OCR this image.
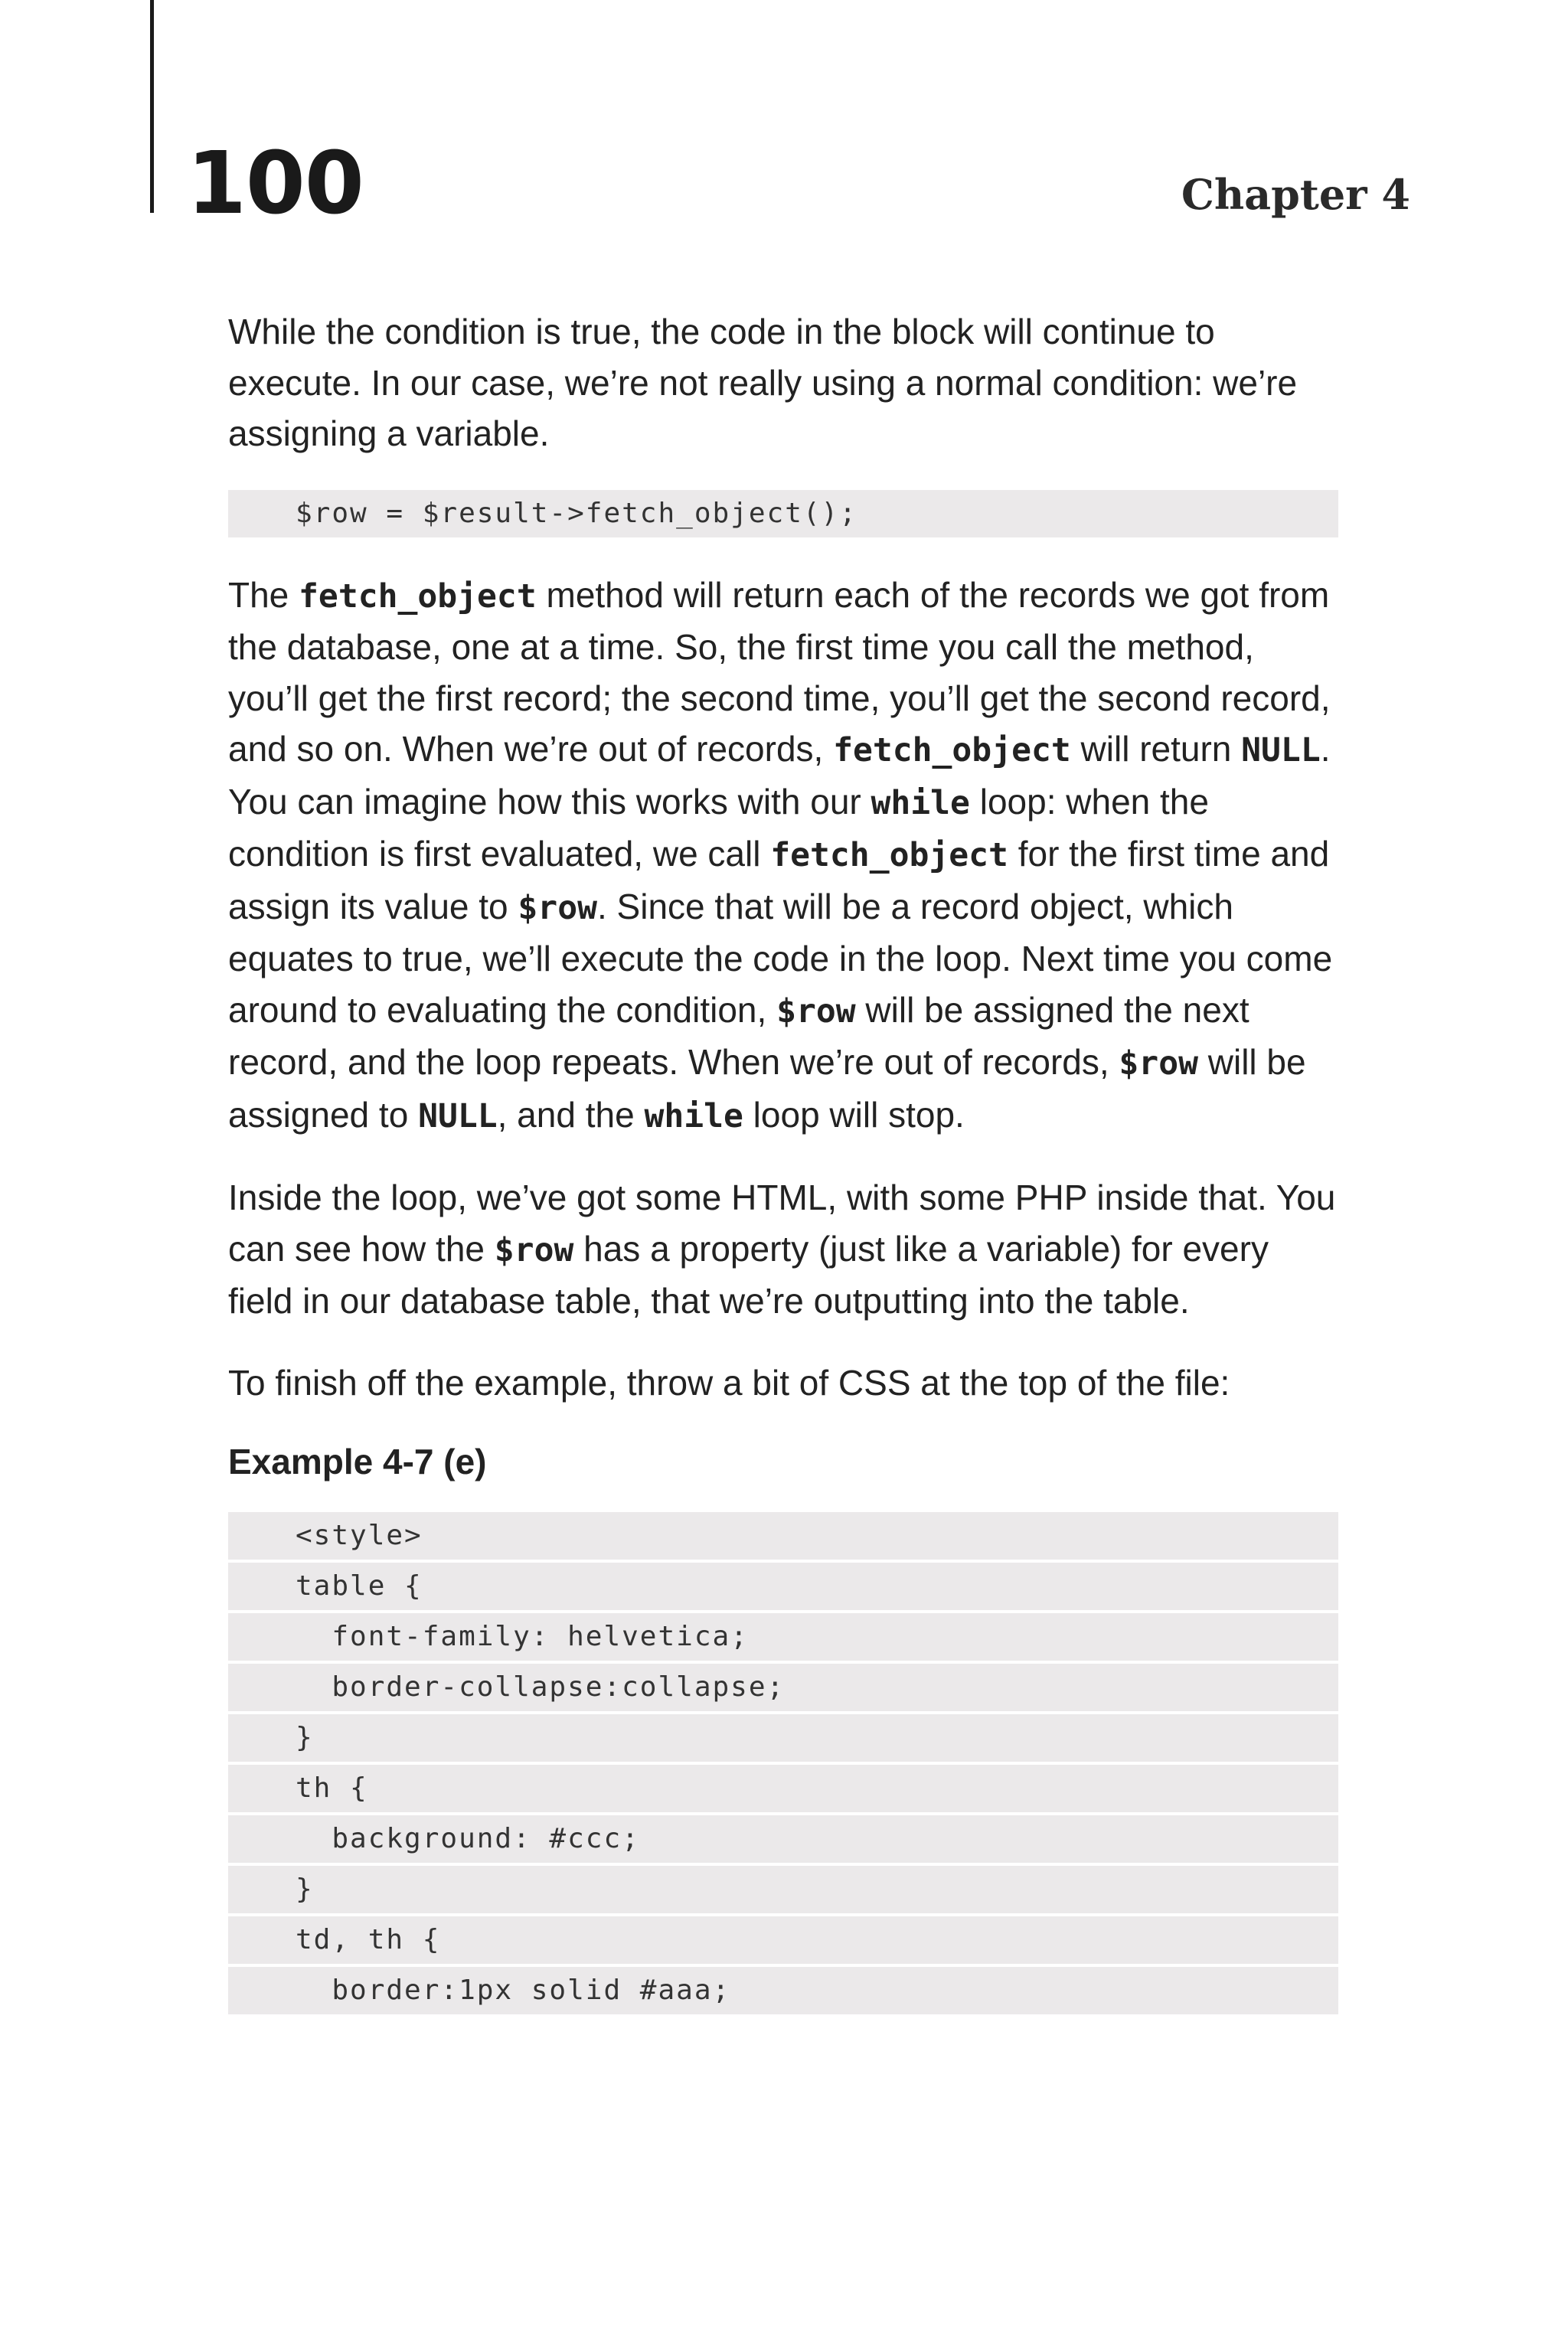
100	Chapter 4

While the condition is true, the code in the block will continue to execute. In our case, we’re not really using a normal condition: we’re assigning a variable.

$row = $result->fetch_object();

The fetch_object method will return each of the records we got from the database, one at a time. So, the first time you call the method, you’ll get the first record; the second time, you’ll get the second record, and so on. When we’re out of records, fetch_object will return NULL. You can imagine how this works with our while loop: when the condition is first evaluated, we call fetch_object for the first time and assign its value to $row. Since that will be a record object, which equates to true, we’ll execute the code in the loop. Next time you come around to evaluating the condition, $row will be assigned the next record, and the loop repeats. When we’re out of records, $row will be assigned to NULL, and the while loop will stop.

Inside the loop, we’ve got some HTML, with some PHP inside that. You can see how the $row has a property (just like a variable) for every field in our database table, that we’re outputting into the table.

To finish off the example, throw a bit of CSS at the top of the file:

Example 4-7 (e)
<style>
table {
font-family: helvetica;
border-collapse:collapse;
}
th {
background: #ccc;
}
td, th {
border:1px solid #aaa;
